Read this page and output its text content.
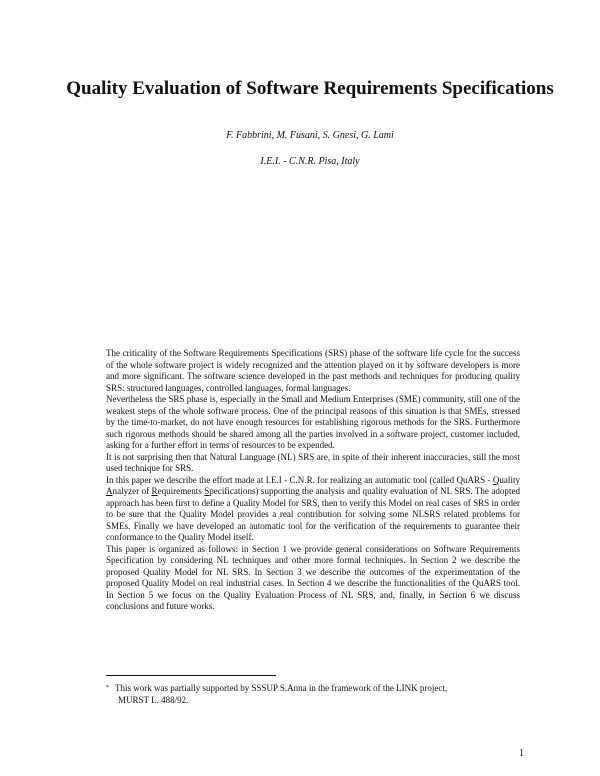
Quality Evaluation of Software Requirements Specifications
F. Fabbrini, M. Fusani, S. Gnesi, G. Lami
I.E.I. - C.N.R. Pisa, Italy

The criticality of the Software Requirements Specifications (SRS) phase of the software life cycle for the success of the whole software project is widely recognized and the attention played on it by software developers is more and more significant. The software science developed in the past methods and techniques for producing quality SRS: structured languages, controlled languages, formal languages.

Nevertheless the SRS phase is, especially in the Small and Medium Enterprises (SME) community, still one of the weakest steps of the whole software process. One of the principal reasons of this situation is that SMEs, stressed by the time-to-market, do not have enough resources for establishing rigorous methods for the SRS. Furthermore such rigorous methods should be shared among all the parties involved in a software project, customer included, asking for a further effort in terms of resources to be expended.

It is not surprising then that Natural Language (NL) SRS are, in spite of their inherent inaccuracies, still the most used technique for SRS.

In this paper we describe the effort made at I.E.I - C.N.R. for realizing an automatic tool (called QuARS - Quality Analyzer of Requirements Specifications) supporting the analysis and quality evaluation of NL SRS. The adopted approach has been first to define a Quality Model for SRS, then to verify this Model on real cases of SRS in order to be sure that the Quality Model provides a real contribution for solving some NLSRS related problems for SMEs. Finally we have developed an automatic tool for the verification of the requirements to guarantee their conformance to the Quality Model itself.

This paper is organized as follows: in Section 1 we provide general considerations on Software Requirements Specification by considering NL techniques and other more formal techniques. In Section 2 we describe the proposed Quality Model for NL SRS. In Section 3 we describe the outcomes of the experimentation of the proposed Quality Model on real industrial cases. In Section 4 we describe the functionalities of the QuARS tool. In Section 5 we focus on the Quality Evaluation Process of NL SRS, and, finally, in Section 6 we discuss conclusions and future works.

* This work was partially supported by SSSUP S.Anna in the framework of the LINK project,
MURST L. 488/92.
1
